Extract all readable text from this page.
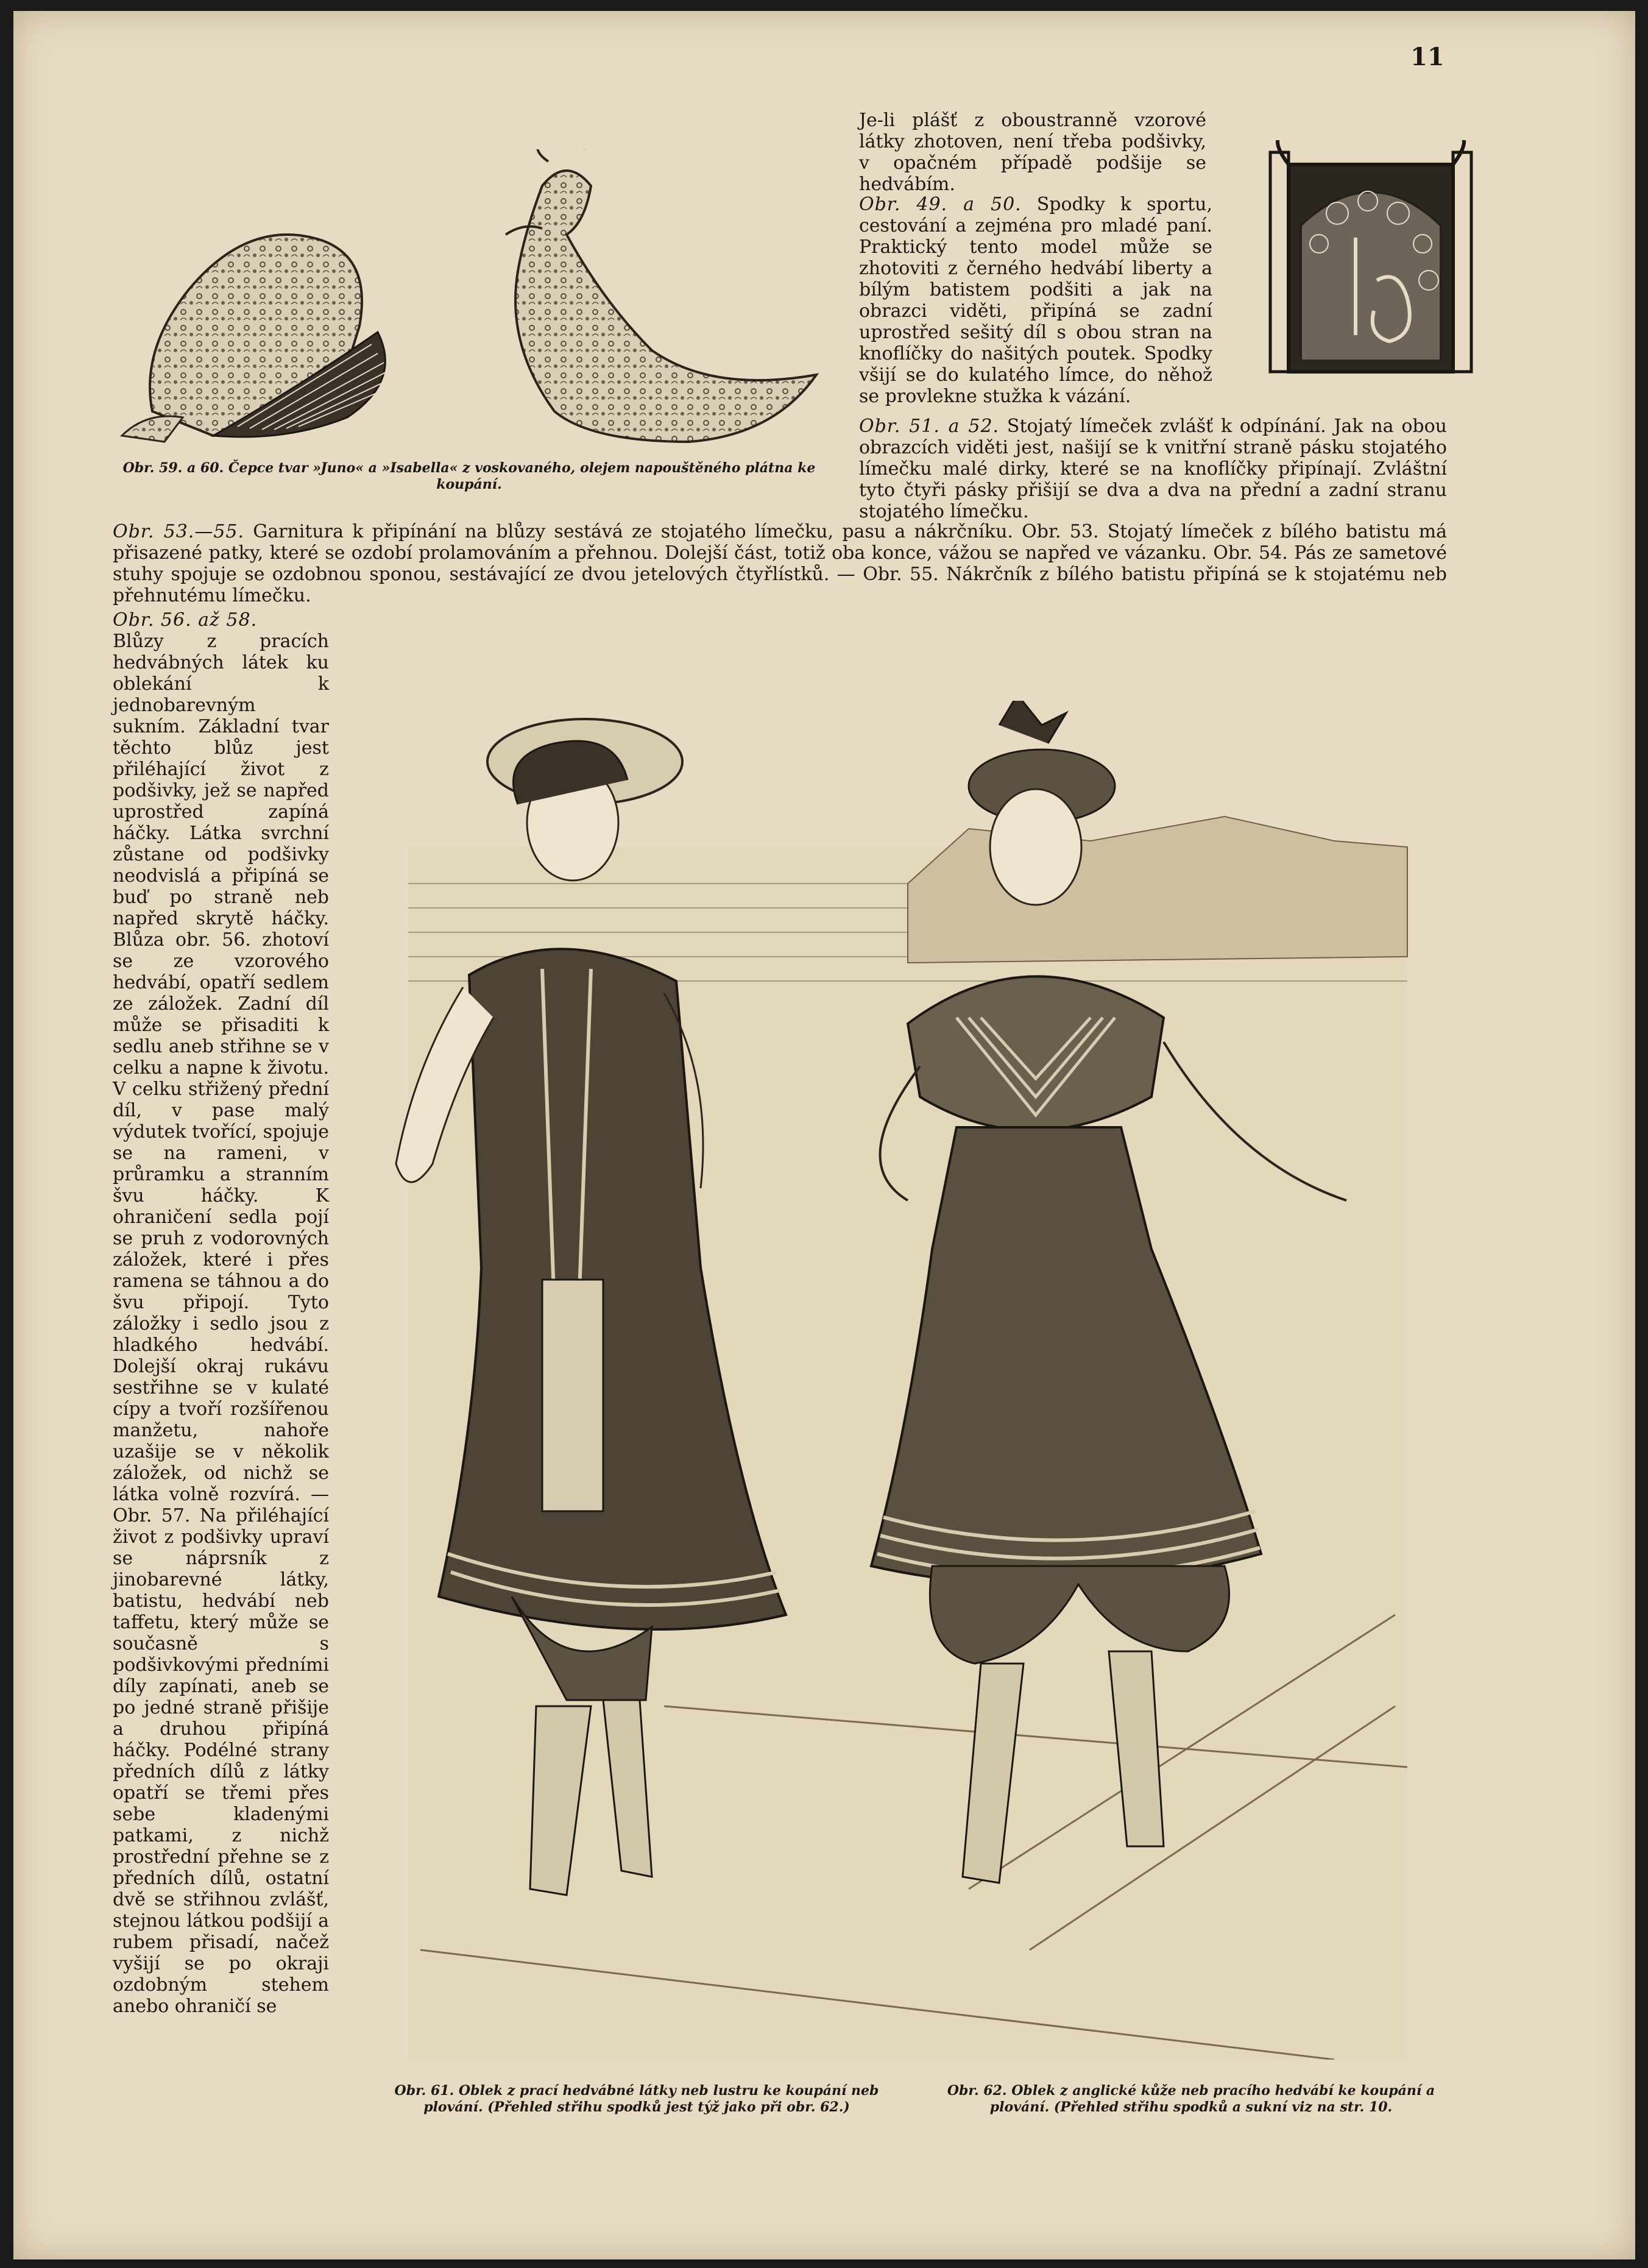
11
Obr. 59. a 60. Čepce tvar »Juno« a »Isabella« z voskovaného, olejem napouštěného plátna ke koupání.
Je-li plášť z oboustranně vzorové látky zhotoven, není třeba podšivky, v opačném případě podšije se hedvábím.
Obr. 49. a 50. Spodky k sportu, cestování a zejména pro mladé paní. Praktický tento model může se zhotoviti z černého hedvábí liberty a bílým batistem podšiti a jak na obrazci viděti, připíná se zadní uprostřed sešitý díl s obou stran na knoflíčky do našitých poutek. Spodky všijí se do kulatého límce, do něhož se provlekne stužka k vázání.
Obr. 51. a 52. Stojatý límeček zvlášť k odpínání. Jak na obou obrazcích viděti jest, našijí se k vnitřní straně pásku stojatého límečku malé dirky, které se na knoflíčky připínají. Zvláštní tyto čtyři pásky přišijí se dva a dva na přední a zadní stranu stojatého límečku.
Obr. 53.—55. Garnitura k připínání na blůzy sestává ze stojatého límečku, pasu a nákrčníku. Obr. 53. Stojatý límeček z bílého batistu má přisazené patky, které se ozdobí prolamováním a přehnou. Dolejší část, totiž oba konce, vážou se napřed ve vázanku. Obr. 54. Pás ze sametové stuhy spojuje se ozdobnou sponou, sestávající ze dvou jetelových čtyřlístků. — Obr. 55. Nákrčník z bílého batistu připíná se k stojatému neb přehnutému límečku.
Obr. 56. až 58.
Blůzy z pracích hedvábných látek ku oblekání k jednobarevným sukním. Základní tvar těchto blůz jest přiléhající život z podšivky, jež se napřed uprostřed zapíná háčky. Látka svrchní zůstane od podšivky neodvislá a připíná se buď po straně neb napřed skrytě háčky. Blůza obr. 56. zhotoví se ze vzorového hedvábí, opatří sedlem ze záložek. Zadní díl může se přisaditi k sedlu aneb střihne se v celku a napne k životu. V celku střižený přední díl, v pase malý výdutek tvořící, spojuje se na rameni, v průramku a stranním švu háčky. K ohraničení sedla pojí se pruh z vodorovných záložek, které i přes ramena se táhnou a do švu připojí. Tyto záložky i sedlo jsou z hladkého hedvábí. Dolejší okraj rukávu sestřihne se v kulaté cípy a tvoří rozšířenou manžetu, nahoře uzašije se v několik záložek, od nichž se látka volně rozvírá. — Obr. 57. Na přiléhající život z podšivky upraví se náprsník z jinobarevné látky, batistu, hedvábí neb taffetu, který může se současně s podšivkovými předními díly zapínati, aneb se po jedné straně přišije a druhou připíná háčky. Podélné strany předních dílů z látky opatří se třemi přes sebe kladenými patkami, z nichž prostřední přehne se z předních dílů, ostatní dvě se střihnou zvlášť, stejnou látkou podšijí a rubem přisadí, načež vyšijí se po okraji ozdobným stehem anebo ohraničí se
Obr. 61. Oblek z prací hedvábné látky neb lustru ke koupání neb plování. (Přehled střihu spodků jest týž jako při obr. 62.)
Obr. 62. Oblek z anglické kůže neb pracího hedvábí ke koupání a plování. (Přehled střihu spodků a sukní viz na str. 10.
